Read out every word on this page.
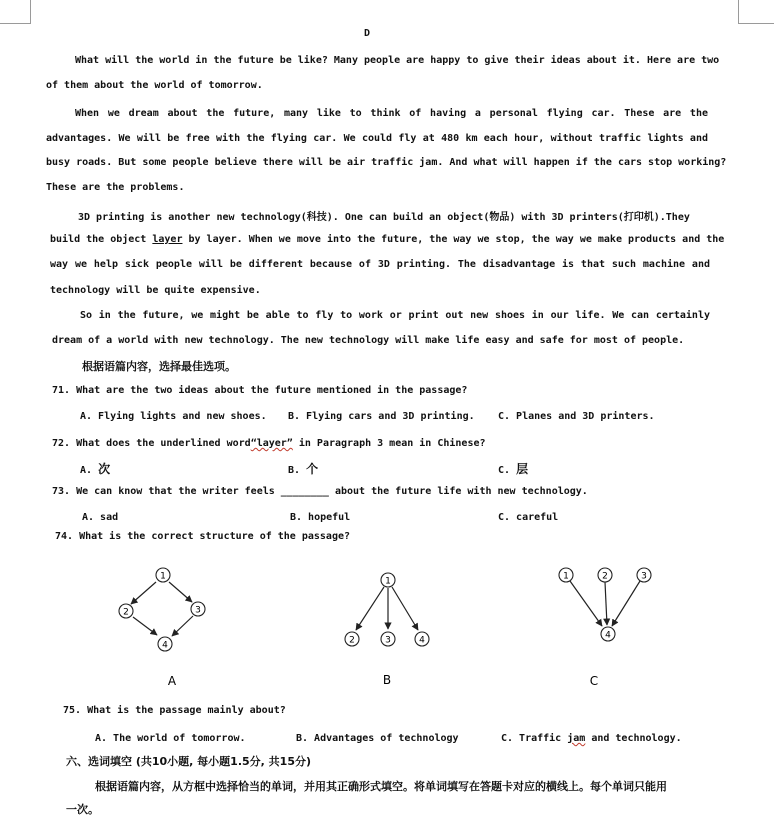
D
What will the world in the future be like? Many people are happy to give their ideas about it. Here are two
of them about the world of tomorrow.
When we dream about the future, many like to think of having a personal flying car. These are the
advantages. We will be free with the flying car. We could fly at 480 km each hour, without traffic lights and
busy roads. But some people believe there will be air traffic jam. And what will happen if the cars stop working?
These are the problems.
3D printing is another new technology(科技). One can build an object(物品) with 3D printers(打印机).They
build the object layer by layer. When we move into the future, the way we stop, the way we make products and the
way we help sick people will be different because of 3D printing. The disadvantage is that such machine and
technology will be quite expensive.
So in the future, we might be able to fly to work or print out new shoes in our life. We can certainly
dream of a world with new technology. The new technology will make life easy and safe for most of people.
根据语篇内容，选择最佳选项。
71. What are the two ideas about the future mentioned in the passage?
A. Flying lights and new shoes. B. Flying cars and 3D printing. C. Planes and 3D printers.
72. What does the underlined word“layer” in Paragraph 3 mean in Chinese?
A. 次	B. 个	C. 层
73. We can know that the writer feels ________ about the future life with new technology.
A. sad	B. hopeful	C. careful
74. What is the correct structure of the passage?
1
2	3
4
A
1
2	3	4
B
1	2	3
4
C
75. What is the passage mainly about?
A. The world of tomorrow.	B. Advantages of technology	C. Traffic jam and technology.
六、选词填空 (共10小题, 每小题1.5分, 共15分)
根据语篇内容，从方框中选择恰当的单词，并用其正确形式填空。将单词填写在答题卡对应的横线上。每个单词只能用
一次。
